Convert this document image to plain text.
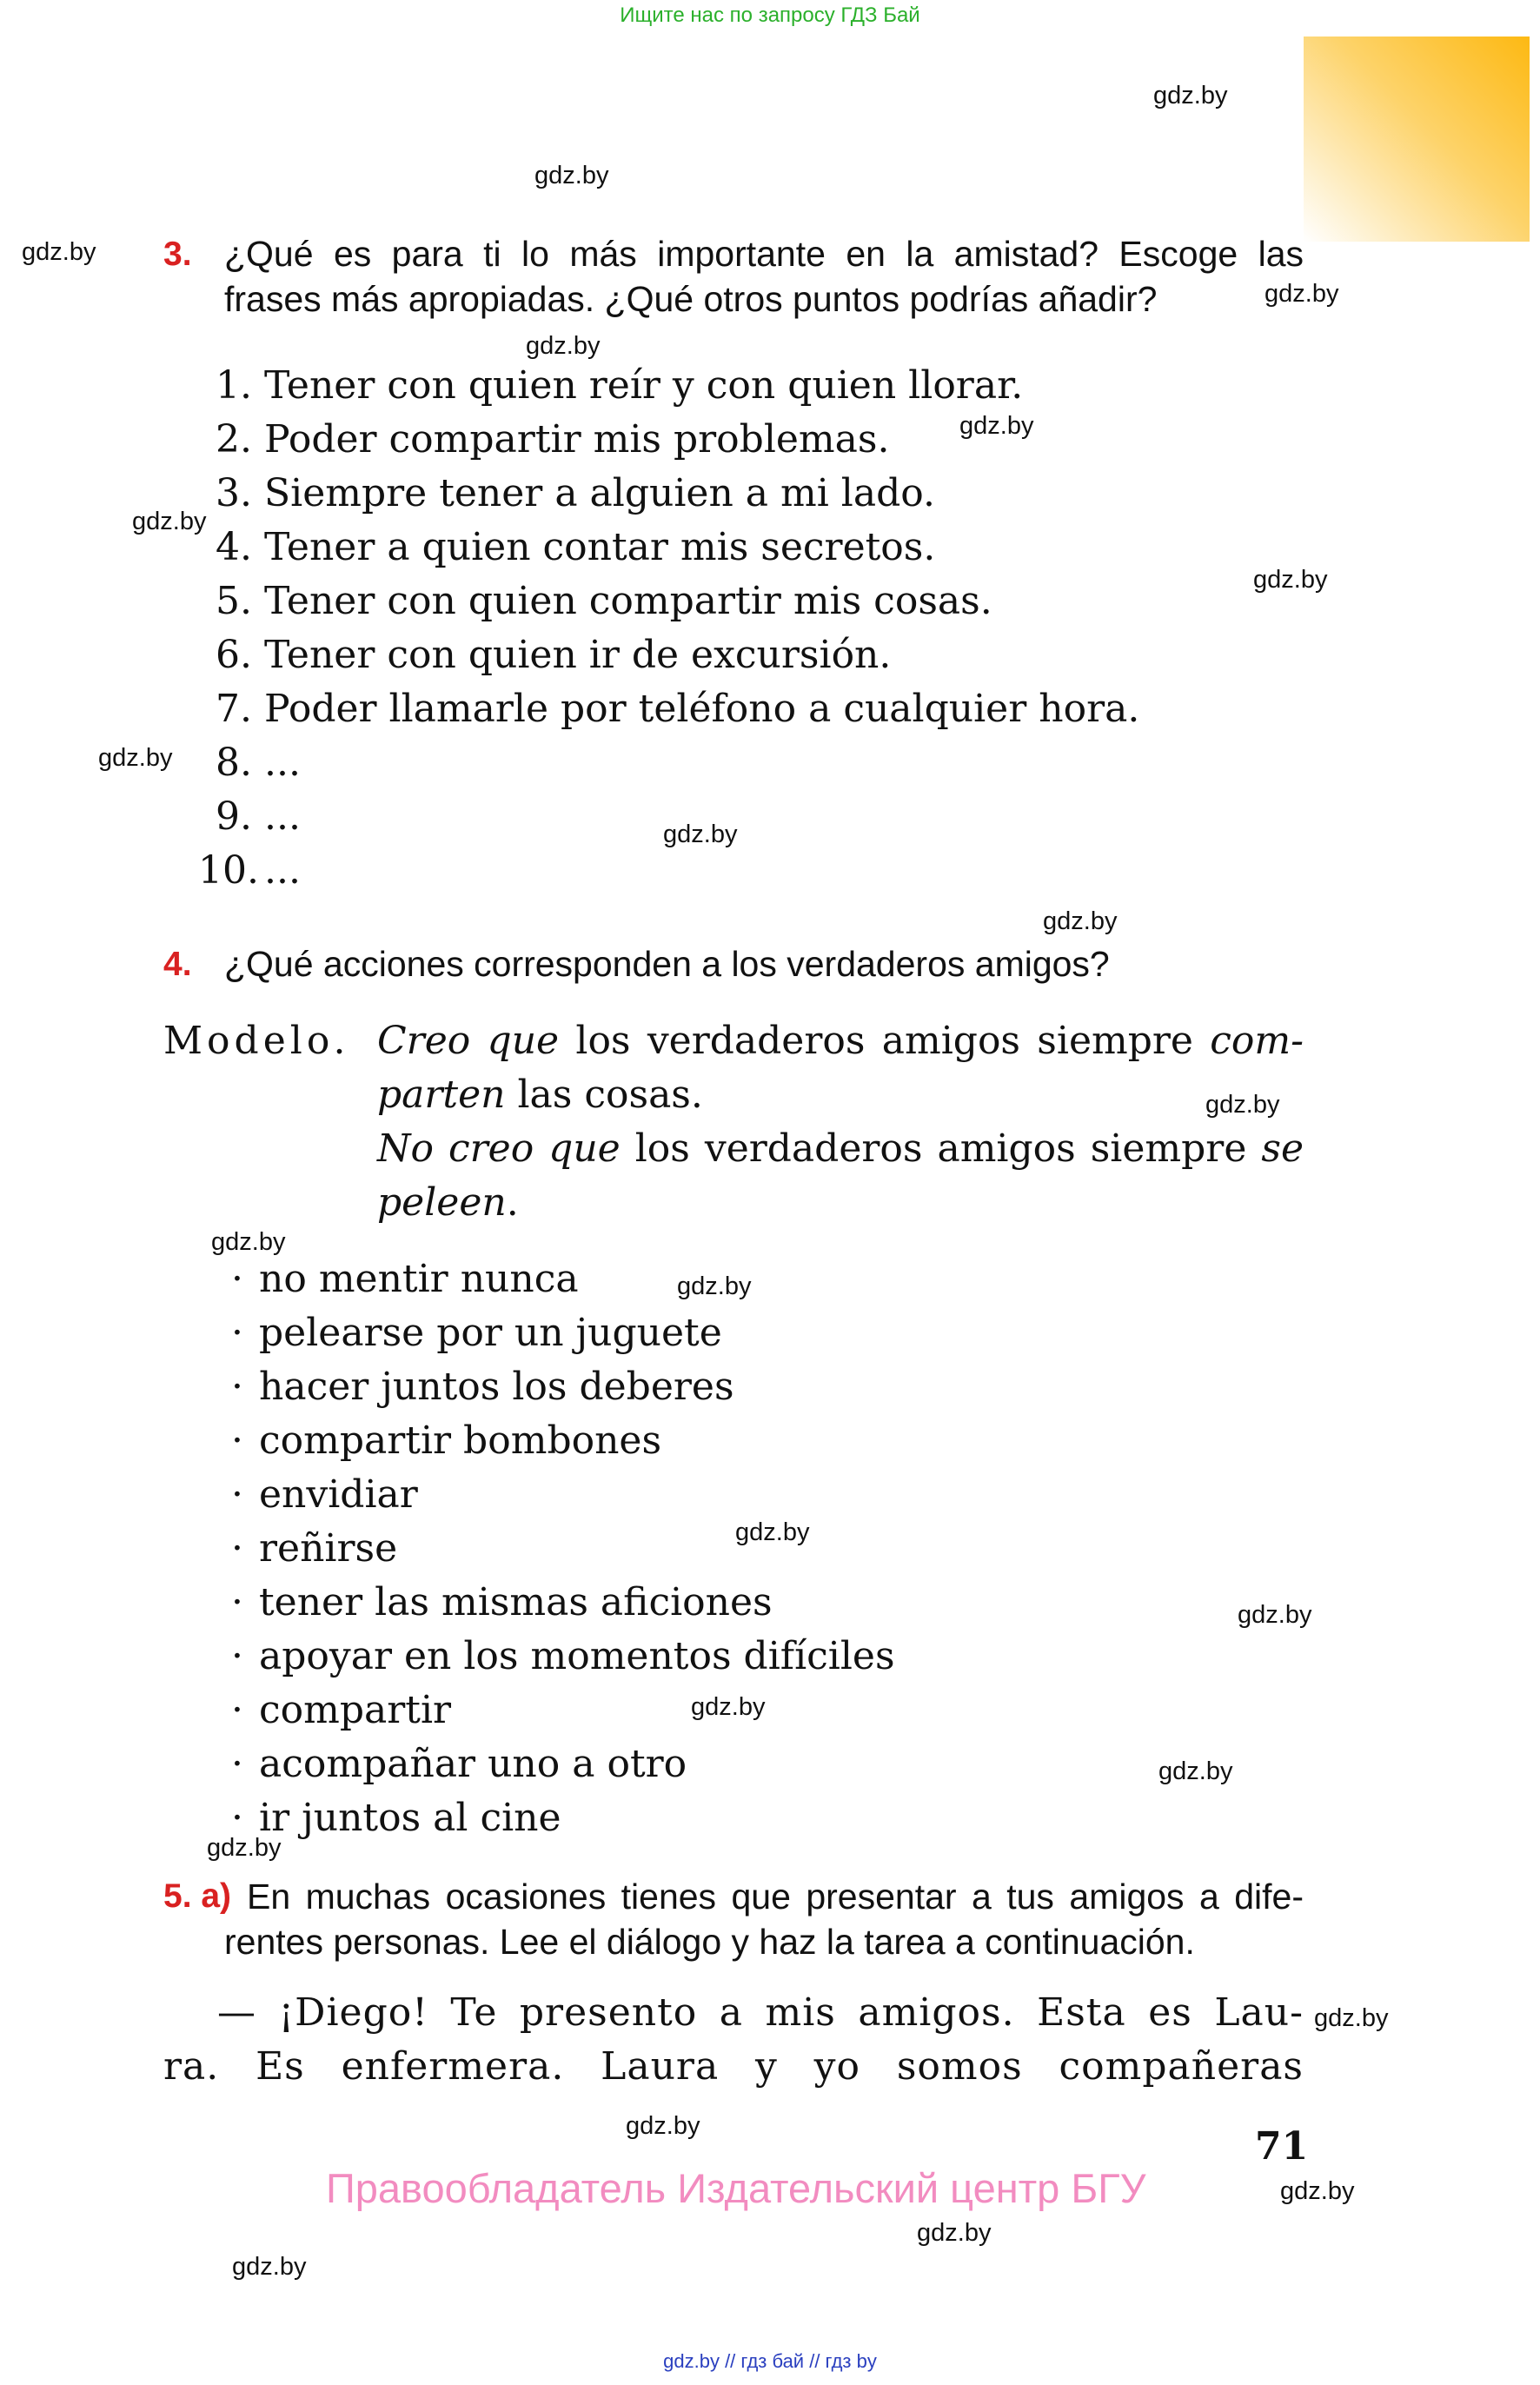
Ищите нас по запросу ГДЗ Бай
gdz.by
gdz.by
gdz.by
gdz.by
gdz.by
gdz.by
gdz.by
gdz.by
gdz.by
gdz.by
gdz.by
gdz.by
gdz.by
gdz.by
gdz.by
gdz.by
gdz.by
gdz.by
gdz.by
gdz.by
gdz.by
gdz.by
gdz.by
gdz.by
3. ¿Qué es para ti lo más importante en la amistad? Escoge las
frases más apropiadas. ¿Qué otros puntos podrías añadir?
1. Tener con quien reír y con quien llorar.
2. Poder compartir mis problemas.
3. Siempre tener a alguien a mi lado.
4. Tener a quien contar mis secretos.
5. Tener con quien compartir mis cosas.
6. Tener con quien ir de excursión.
7. Poder llamarle por teléfono a cualquier hora.
8. ...
9. ...
10. ...
4. ¿Qué acciones corresponden a los verdaderos amigos?
Modelo. Creo que los verdaderos amigos siempre com-
parten las cosas.
No creo que los verdaderos amigos siempre se
peleen.
· no mentir nunca
· pelearse por un juguete
· hacer juntos los deberes
· compartir bombones
· envidiar
· reñirse
· tener las mismas aficiones
· apoyar en los momentos difíciles
· compartir
· acompañar uno a otro
· ir juntos al cine
5. a) En muchas ocasiones tienes que presentar a tus amigos a dife-
rentes personas. Lee el diálogo y haz la tarea a continuación.
— ¡Diego! Te presento a mis amigos. Esta es Lau-
ra. Es enfermera. Laura y yo somos compañeras
71
Правообладатель Издательский центр БГУ
gdz.by // гдз бай // гдз by
